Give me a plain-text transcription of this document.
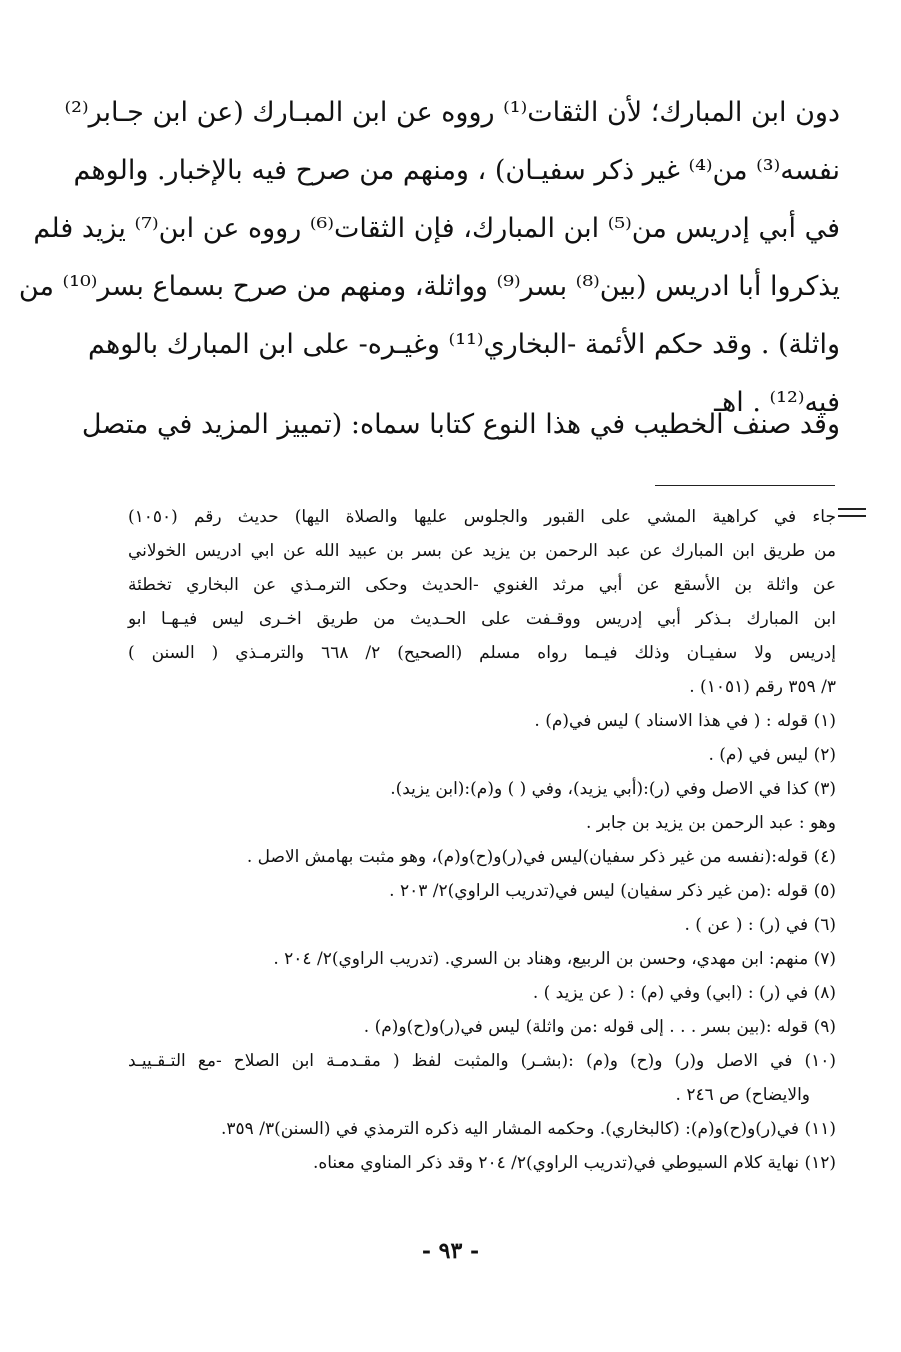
دون ابن المبارك؛ لأن الثقات⁽¹⁾ رووه عن ابن المبـارك (عن ابن جـابر⁽²⁾
نفسه⁽³⁾ من⁽⁴⁾ غير ذكر سفيـان) ، ومنهم من صرح فيه بالإخبار. والوهم
في أبي إدريس من⁽⁵⁾ ابن المبارك، فإن الثقات⁽⁶⁾ رووه عن ابن⁽⁷⁾ يزيد فلم
يذكروا أبا ادريس (بين⁽⁸⁾ بسر⁽⁹⁾ وواثلة، ومنهم من صرح بسماع بسر⁽¹⁰⁾ من
واثلة) . وقد حكم الأئمة -البخاري⁽¹¹⁾ وغيـره- على ابن المبارك بالوهم
فيه⁽¹²⁾ . اهـ
وقد صنف الخطيب في هذا النوع كتابا سماه: (تمييز المزيد في متصل
جاء في كراهية المشي على القبور والجلوس عليها والصلاة اليها) حديث رقم (١٠٥٠)
من طريق ابن المبارك عن عبد الرحمن بن يزيد عن بسر بن عبيد الله عن ابي ادريس الخولاني
عن واثلة بن الأسقع عن أبي مرثد الغنوي -الحديث وحكى الترمـذي عن البخاري تخطئة
ابن المبارك بـذكر أبي إدريس ووقـفت على الحـديث من طريق اخـرى ليس فيـهـا ابو
إدريس ولا سفيـان وذلك فيـما رواه مسلم (الصحيح) ٢/ ٦٦٨ والترمـذي ( السنن )
٣/ ٣٥٩ رقم (١٠٥١) .
(١) قوله : ( في هذا الاسناد ) ليس في(م) .
(٢) ليس في (م) .
(٣) كذا في الاصل وفي (ر):(أبي يزيد)، وفي ( ) و(م):(ابن يزيد).
وهو : عبد الرحمن بن يزيد بن جابر .
(٤) قوله:(نفسه من غير ذكر سفيان)ليس في(ر)و(ح)و(م)، وهو مثبت بهامش الاصل .
(٥) قوله :(من غير ذكر سفيان) ليس في(تدريب الراوي)٢/ ٢٠٣ .
(٦) في (ر) : ( عن ) .
(٧) منهم: ابن مهدي، وحسن بن الربيع، وهناد بن السري. (تدريب الراوي)٢/ ٢٠٤ .
(٨) في (ر) : (ابي) وفي (م) : ( عن يزيد ) .
(٩) قوله :(بين بسر . . . إلى قوله :من واثلة) ليس في(ر)و(ح)و(م) .
(١٠) في الاصل و(ر) و(ح) و(م) :(بشـر) والمثبت لفظ ( مقـدمـة ابن الصلاح -مع التـقـييـد
والايضاح) ص ٢٤٦ .
(١١) في(ر)و(ح)و(م): (كالبخاري). وحكمه المشار اليه ذكره الترمذي في (السنن)٣/ ٣٥٩.
(١٢) نهاية كلام السيوطي في(تدريب الراوي)٢/ ٢٠٤ وقد ذكر المناوي معناه.
- ٩٣ -
